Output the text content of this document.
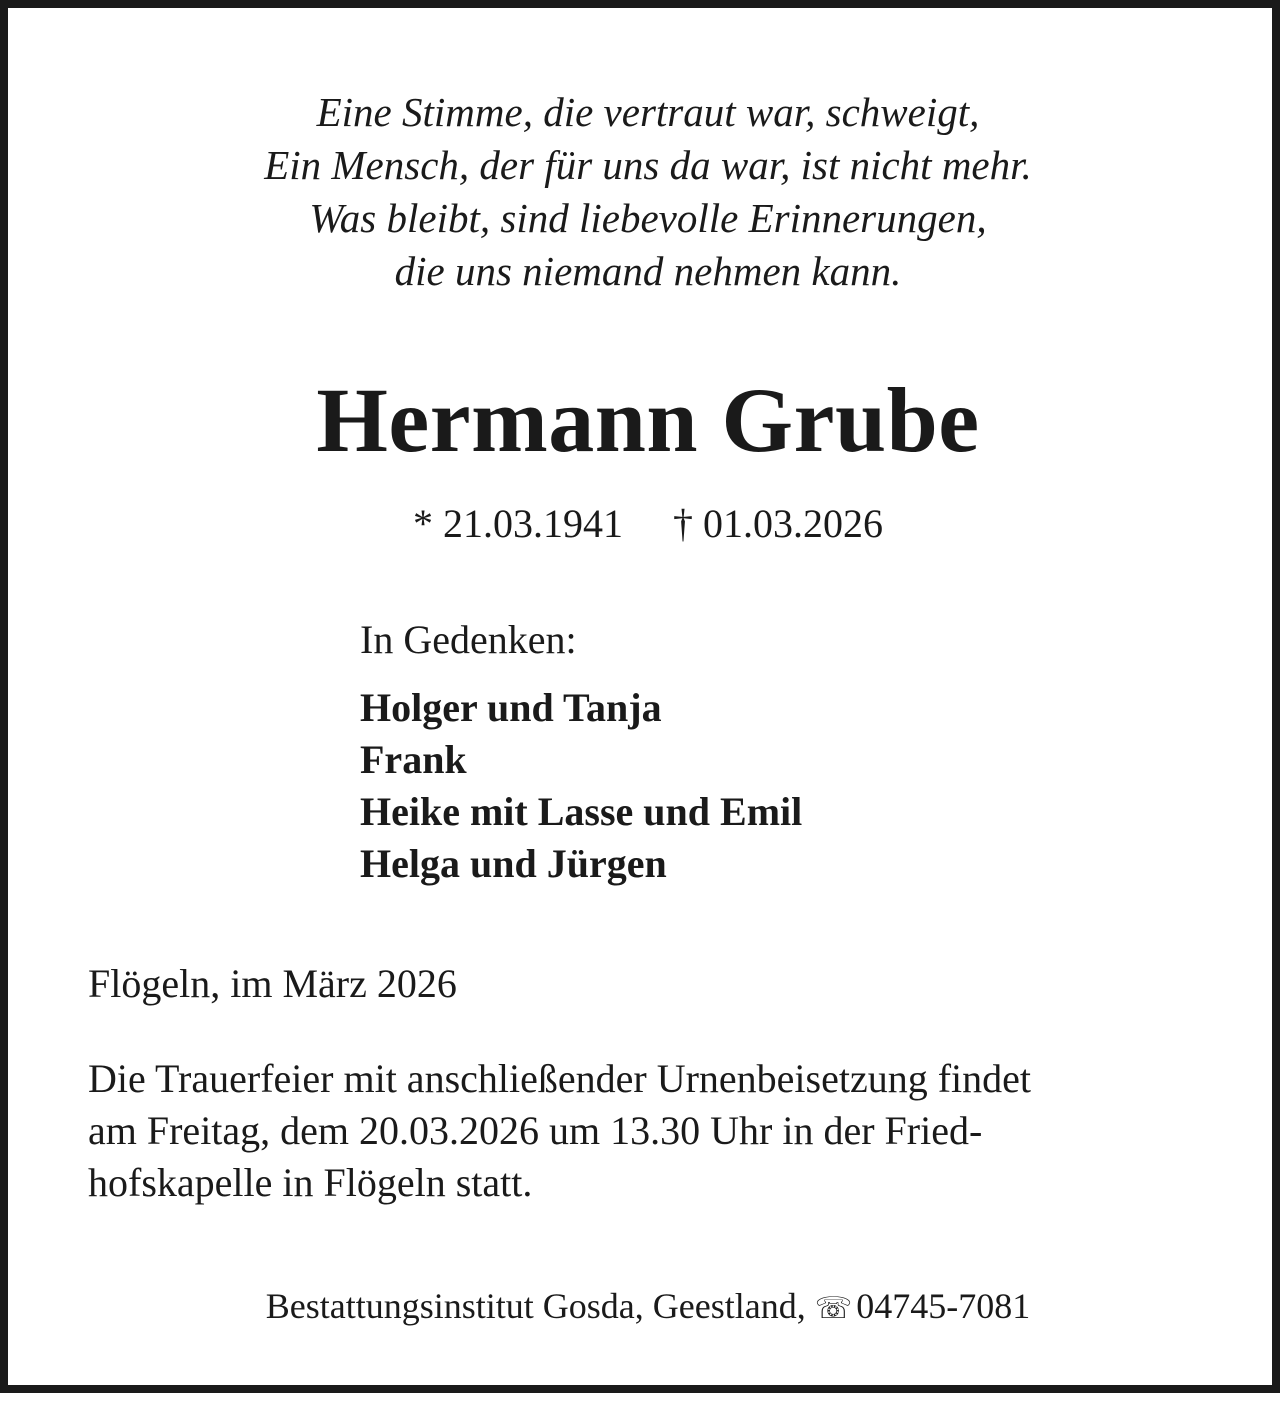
Eine Stimme, die vertraut war, schweigt,
Ein Mensch, der für uns da war, ist nicht mehr.
Was bleibt, sind liebevolle Erinnerungen,
die uns niemand nehmen kann.
Hermann Grube
* 21.03.1941 † 01.03.2026
In Gedenken:
Holger und Tanja
Frank
Heike mit Lasse und Emil
Helga und Jürgen
Flögeln, im März 2026
Die Trauerfeier mit anschließender Urnenbeisetzung findet
am Freitag, dem 20.03.2026 um 13.30 Uhr in der Fried-
hofskapelle in Flögeln statt.
Bestattungsinstitut Gosda, Geestland, ☏ 04745-7081
